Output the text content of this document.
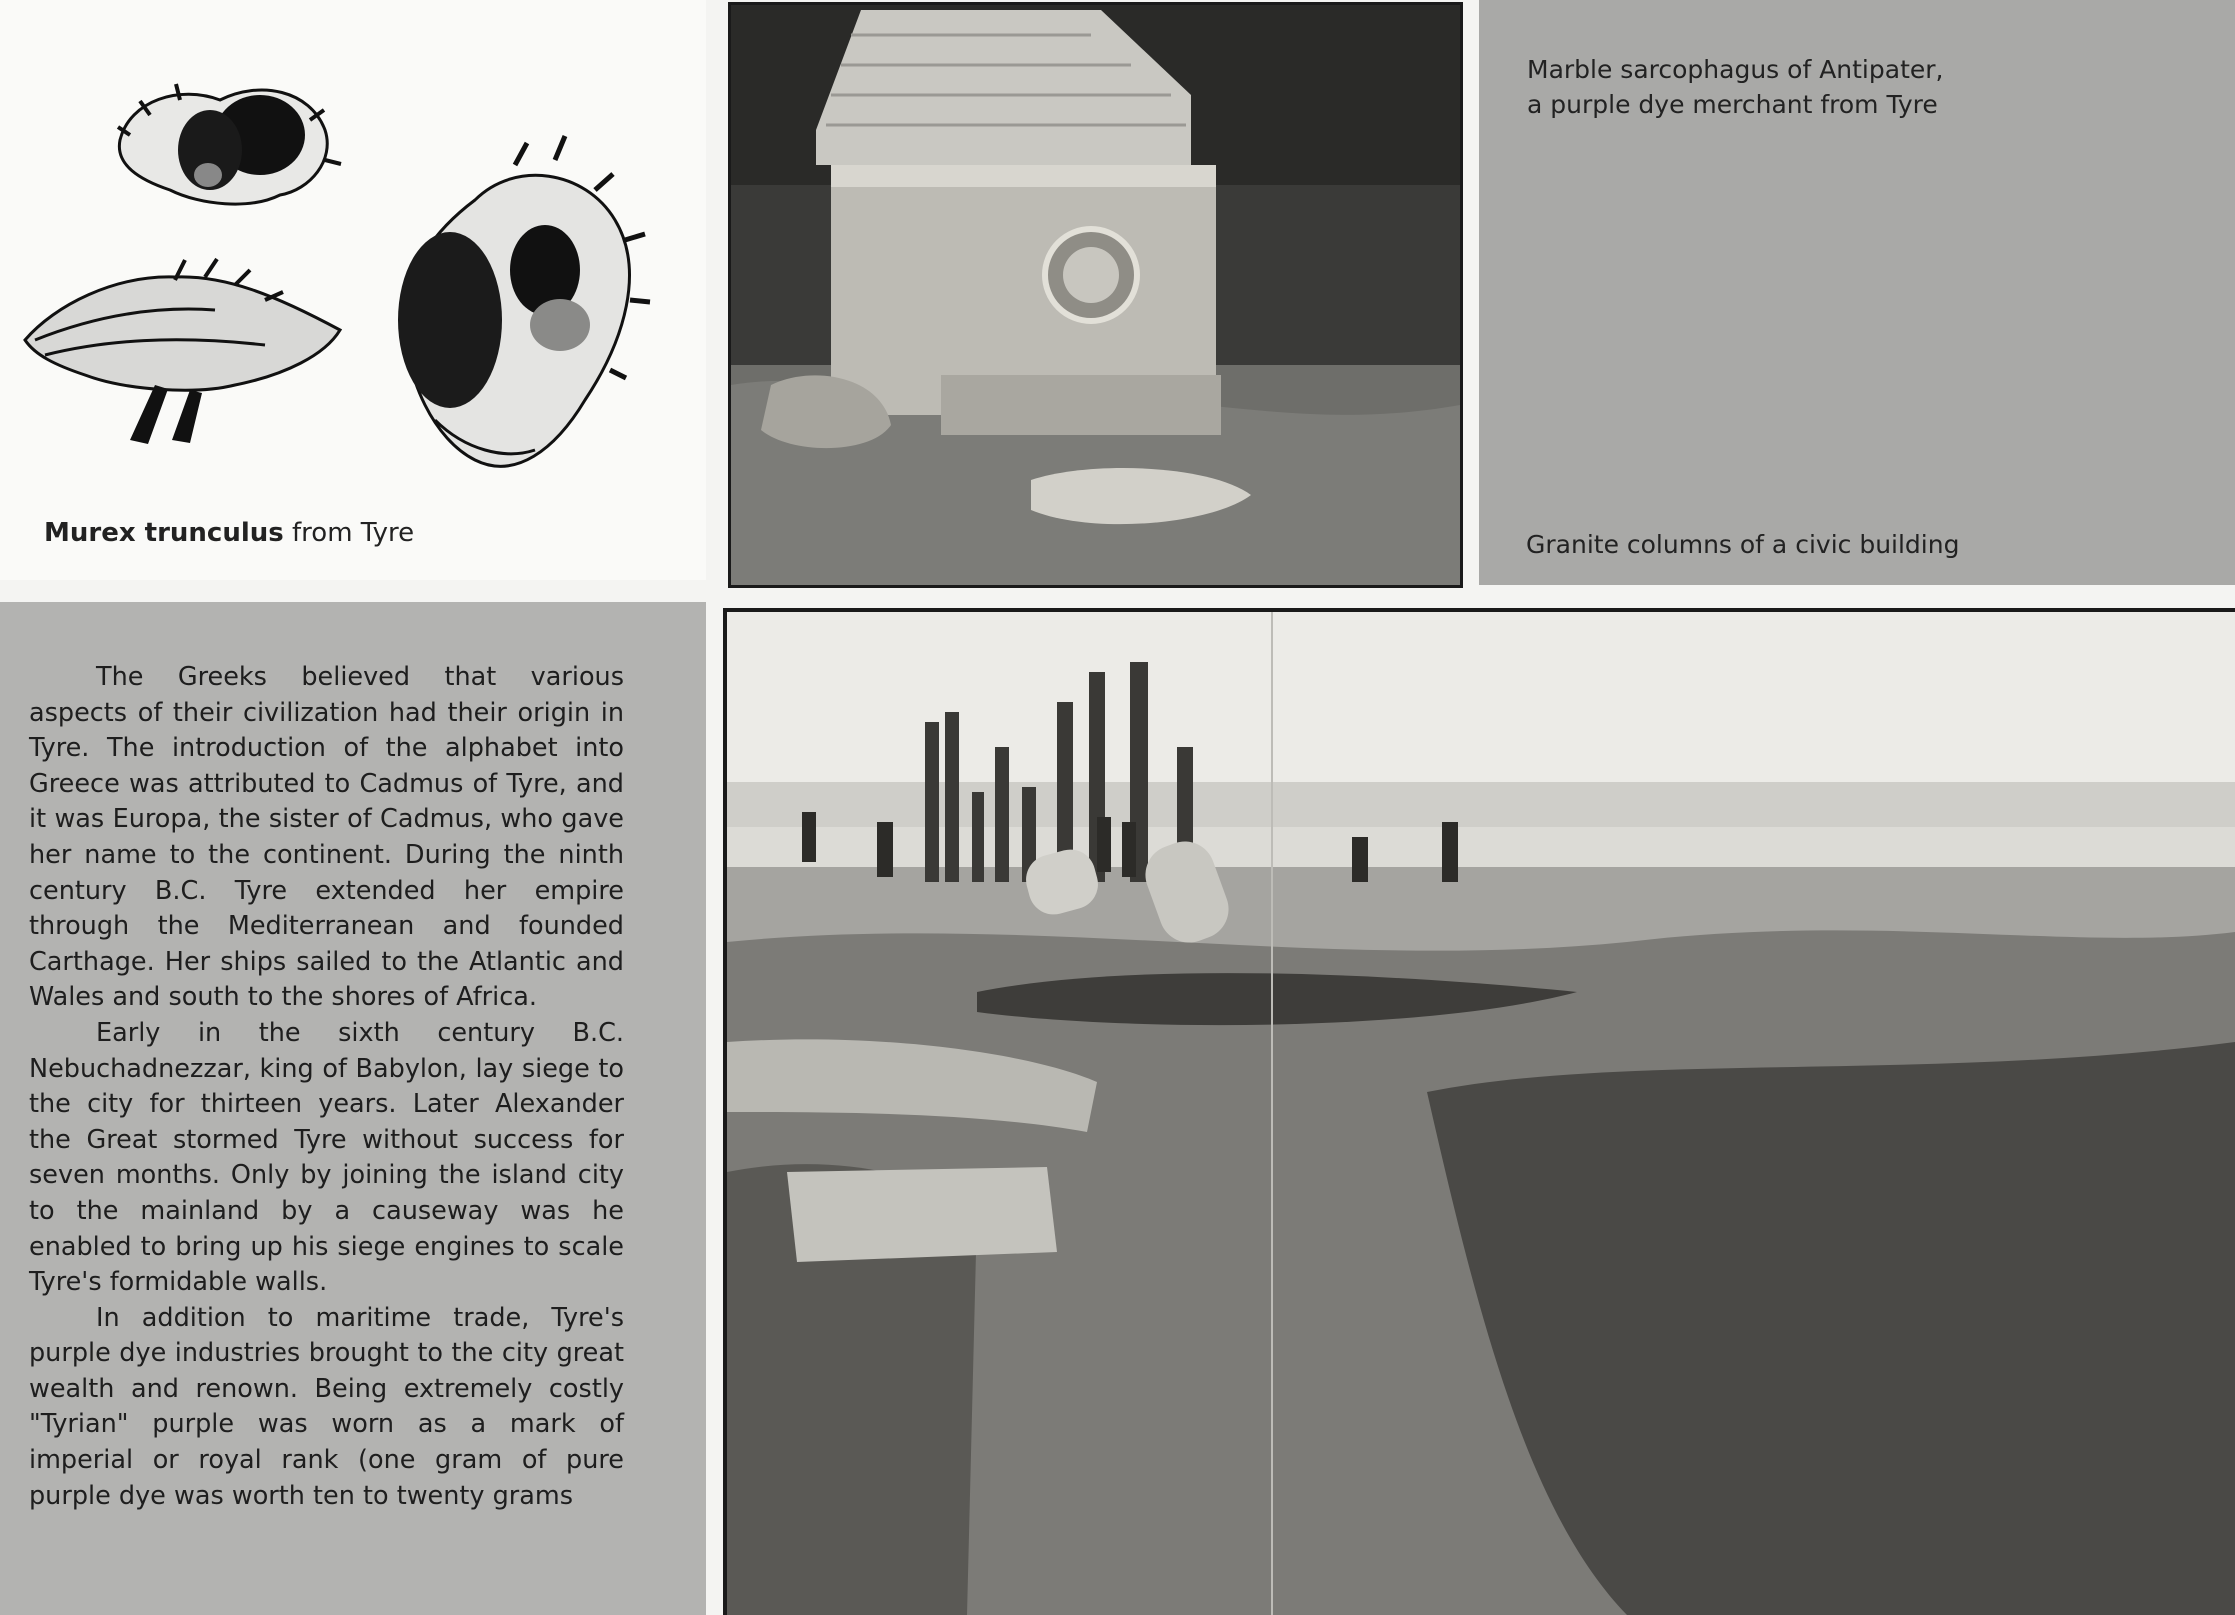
Murex trunculus from Tyre
Marble sarcophagus of Antipater,
a purple dye merchant from Tyre
Granite columns of a civic building

The Greeks believed that various aspects of their civilization had their origin in Tyre. The introduction of the alphabet into Greece was attributed to Cadmus of Tyre, and it was Europa, the sister of Cadmus, who gave her name to the continent. During the ninth century B.C. Tyre extended her empire through the Mediterranean and founded Carthage. Her ships sailed to the Atlantic and Wales and south to the shores of Africa.

Early in the sixth century B.C. Nebuchadnezzar, king of Babylon, lay siege to the city for thirteen years. Later Alexander the Great stormed Tyre without success for seven months. Only by joining the island city to the mainland by a causeway was he enabled to bring up his siege engines to scale Tyre's formidable walls.

In addition to maritime trade, Tyre's purple dye industries brought to the city great wealth and renown. Being extremely costly "Tyrian" purple was worn as a mark of imperial or royal rank (one gram of pure purple dye was worth ten to twenty grams
